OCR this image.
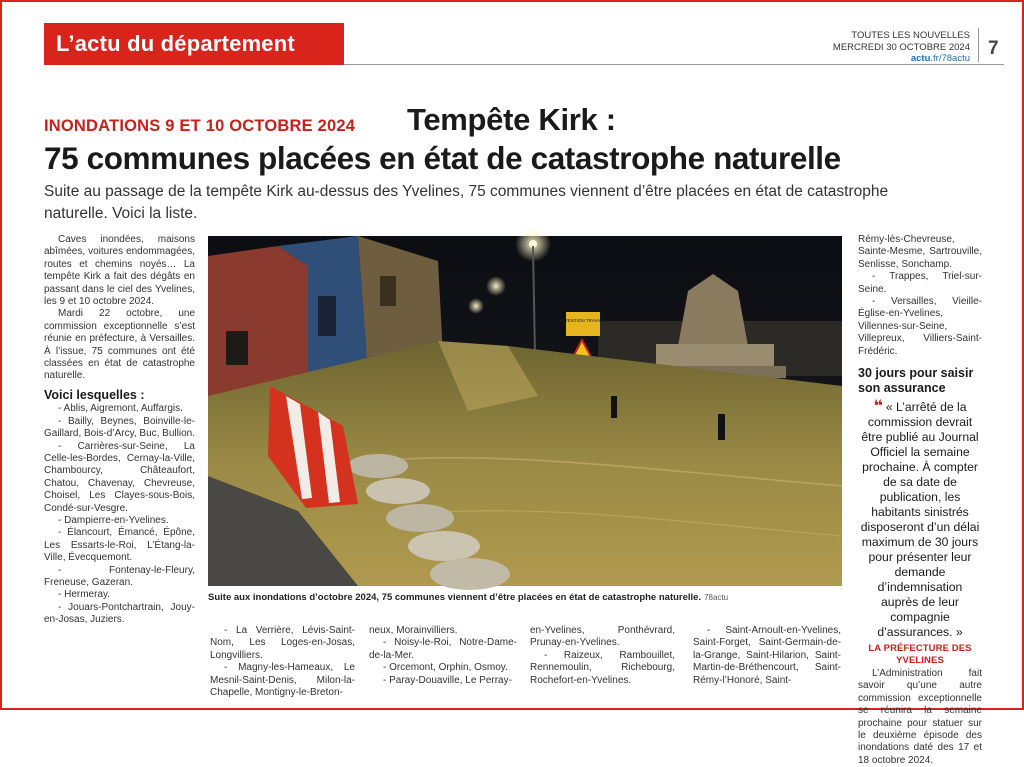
L’actu du département	TOUTES LES NOUVELLES
MERCREDI 30 OCTOBRE 2024
actu.fr/78actu 7
INONDATIONS 9 ET 10 OCTOBRE 2024 Tempête Kirk :
75 communes placées en état de catastrophe naturelle
Suite au passage de la tempête Kirk au-dessus des Yvelines, 75 communes viennent d’être placées en état de catastrophe naturelle. Voici la liste.

Caves inondées, maisons abîmées, voitures endommagées, routes et chemins noyés… La tempête Kirk a fait des dégâts en passant dans le ciel des Yvelines, les 9 et 10 octobre 2024.

Mardi 22 octobre, une commission exceptionnelle s’est réunie en préfecture, à Versailles. À l’issue, 75 communes ont été classées en état de catastrophe naturelle.

Voici lesquelles :

- Ablis, Aigremont, Auffargis.

- Bailly, Beynes, Boinville-le-Gaillard, Bois-d’Arcy, Buc, Bullion.

- Carrières-sur-Seine, La Celle-les-Bordes, Cernay-la-Ville, Chambourcy, Châteaufort, Chatou, Chavenay, Chevreuse, Choisel, Les Clayes-sous-Bois, Condé-sur-Vesgre.

- Dampierre-en-Yvelines.

- Élancourt, Émancé, Épône, Les Essarts-le-Roi, L’Étang-la-Ville, Évecquemont.

- Fontenay-le-Fleury, Freneuse, Gazeran.

- Hermeray.

- Jouars-Pontchartrain, Jouy-en-Josas, Juziers.

ATTENTION TRAVAUX
Suite aux inondations d’octobre 2024, 75 communes viennent d’être placées en état de catastrophe naturelle. 78actu

- La Verrière, Lévis-Saint-Nom, Les Loges-en-Josas, Longvilliers.

- Magny-les-Hameaux, Le Mesnil-Saint-Denis, Milon-la-Chapelle, Montigny-le-Breton-

neux, Morainvilliers.

- Noisy-le-Roi, Notre-Dame-de-la-Mer.

- Orcemont, Orphin, Osmoy.

- Paray-Douaville, Le Perray-

en-Yvelines, Ponthévrard, Prunay-en-Yvelines.

- Raizeux, Rambouillet, Rennemoulin, Richebourg, Rochefort-en-Yvelines.

- Saint-Arnoult-en-Yvelines, Saint-Forget, Saint-Germain-de-la-Grange, Saint-Hilarion, Saint-Martin-de-Bréthencourt, Saint-Rémy-l’Honoré, Saint-

Rémy-lès-Chevreuse, Sainte-Mesme, Sartrouville, Senlisse, Sonchamp.

- Trappes, Triel-sur-Seine.

- Versailles, Vieille-Église-en-Yvelines, Villennes-sur-Seine, Villepreux, Villiers-Saint-Frédéric.

30 jours pour saisir son assurance
❝ « L’arrêté de la commission devrait être publié au Journal Officiel la semaine prochaine. À compter de sa date de publication, les habitants sinistrés disposeront d’un délai maximum de 30 jours pour présenter leur demande d’indemnisation auprès de leur compagnie d’assurances. »
LA PRÉFECTURE DES YVELINES

L’Administration fait savoir qu’une autre commission exceptionnelle se réunira la semaine prochaine pour statuer sur le deuxième épisode des inondations daté des 17 et 18 octobre 2024.
